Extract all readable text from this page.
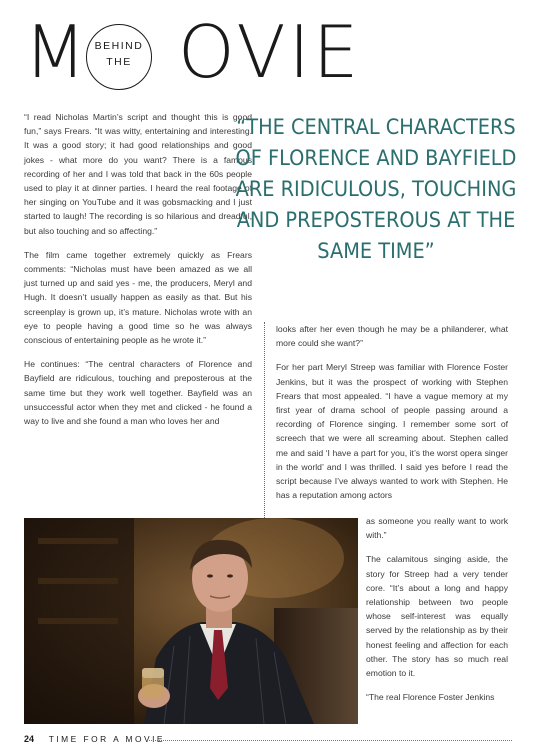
M BEHIND
THE OVIE

“I read Nicholas Martin’s script and thought this is good fun,” says Frears. “It was witty, entertaining and interesting. It was a good story; it had good relationships and good jokes - what more do you want? There is a famous recording of her and I was told that back in the 60s people used to play it at dinner parties. I heard the real footage of her singing on YouTube and it was gobsmacking and I just started to laugh! The recording is so hilarious and dreadful, but also touching and so affecting.”

The film came together extremely quickly as Frears comments: “Nicholas must have been amazed as we all just turned up and said yes - me, the producers, Meryl and Hugh. It doesn’t usually happen as easily as that. But his screenplay is grown up, it’s mature. Nicholas wrote with an eye to people having a good time so he was always conscious of entertaining people as he wrote it.”

He continues: “The central characters of Florence and Bayfield are ridiculous, touching and preposterous at the same time but they work well together. Bayfield was an unsuccessful actor when they met and clicked - he found a way to live and she found a man who loves her and

“THE CENTRAL CHARACTERS OF FLORENCE AND BAYFIELD ARE RIDICULOUS, TOUCHING AND PREPOSTEROUS AT THE SAME TIME”

looks after her even though he may be a philanderer, what more could she want?”

For her part Meryl Streep was familiar with Florence Foster Jenkins, but it was the prospect of working with Stephen Frears that most appealed. “I have a vague memory at my first year of drama school of people passing around a recording of Florence singing. I remember some sort of screech that we were all screaming about. Stephen called me and said ‘I have a part for you, it’s the worst opera singer in the world’ and I was thrilled. I said yes before I read the script because I’ve always wanted to work with Stephen. He has a reputation among actors

as someone you really want to work with.”

The calamitous singing aside, the story for Streep had a very tender core. “It’s about a long and happy relationship between two people whose self-interest was equally served by the relationship as by their honest feeling and affection for each other. The story has so much real emotion to it.

“The real Florence Foster Jenkins

24 TIME FOR A MOVIE
